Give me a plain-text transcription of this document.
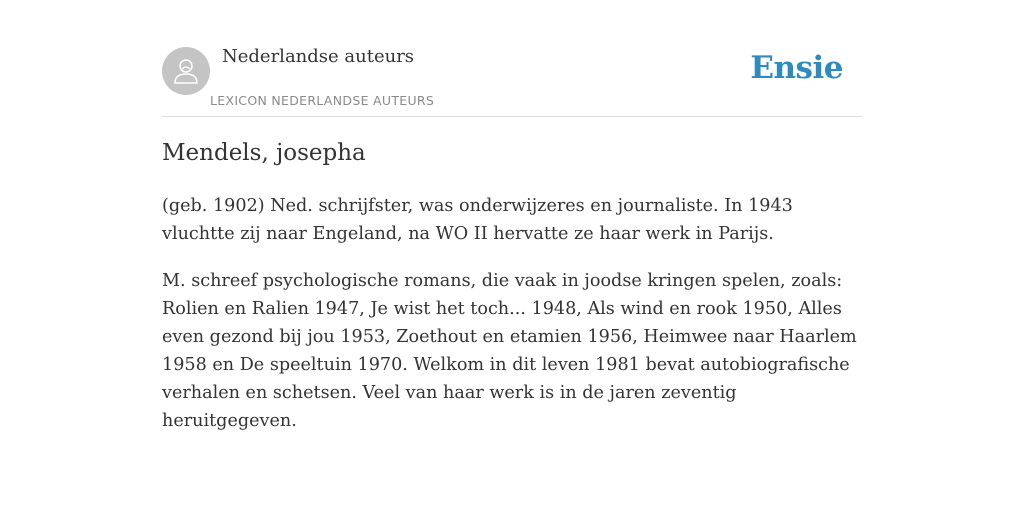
Nederlandse auteurs
LEXICON NEDERLANDSE AUTEURS
Ensie
Mendels, josepha

(geb. 1902) Ned. schrijfster, was onderwijzeres en journaliste. In 1943 vluchtte zij naar Engeland, na WO II hervatte ze haar werk in Parijs.

M. schreef psychologische romans, die vaak in joodse kringen spelen, zoals: Rolien en Ralien 1947, Je wist het toch... 1948, Als wind en rook 1950, Alles even gezond bij jou 1953, Zoethout en etamien 1956, Heimwee naar Haarlem 1958 en De speeltuin 1970. Welkom in dit leven 1981 bevat autobiografische verhalen en schetsen. Veel van haar werk is in de jaren zeventig heruitgegeven.
